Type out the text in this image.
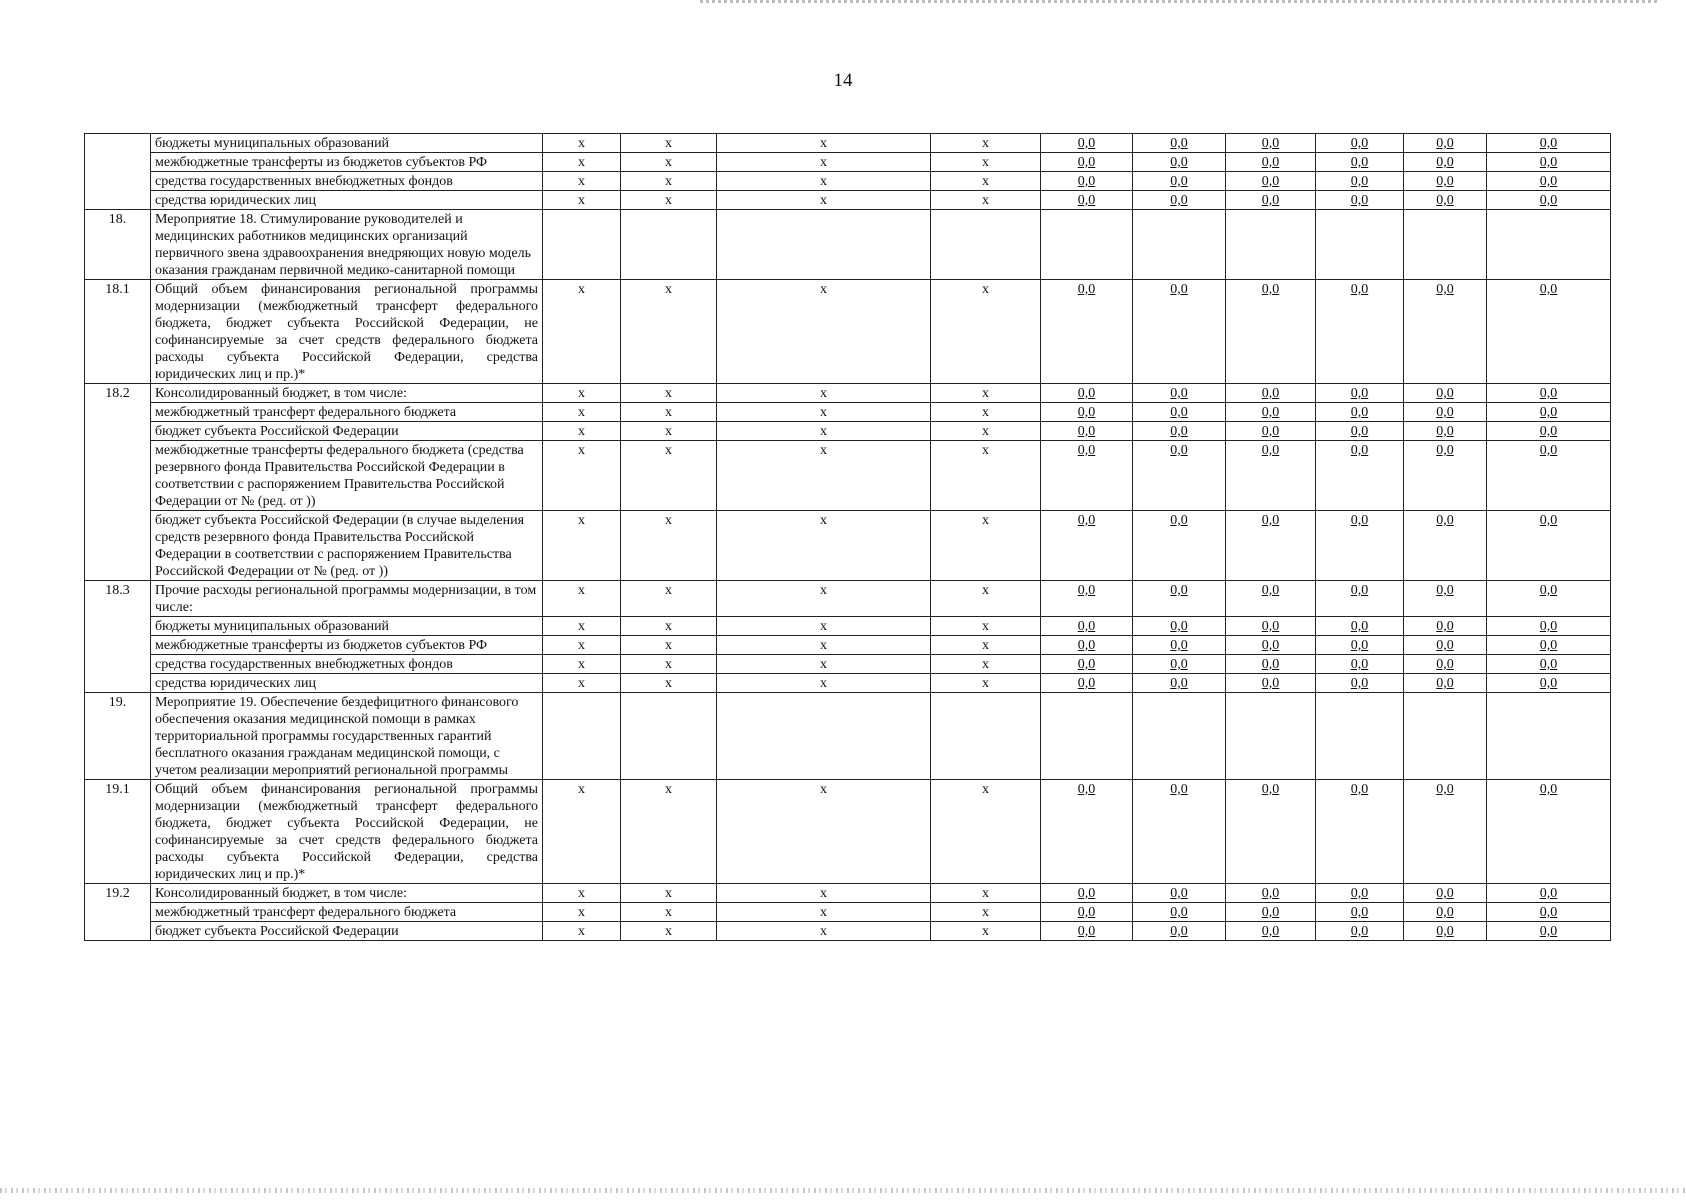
14
	бюджеты муниципальных образований	x	x	x	x	0,0	0,0	0,0	0,0	0,0	0,0
	межбюджетные трансферты из бюджетов субъектов РФ	x	x	x	x	0,0	0,0	0,0	0,0	0,0	0,0
	средства государственных внебюджетных фондов	x	x	x	x	0,0	0,0	0,0	0,0	0,0	0,0
	средства юридических лиц	x	x	x	x	0,0	0,0	0,0	0,0	0,0	0,0
18.	Мероприятие 18. Стимулирование руководителей и медицинских работников медицинских организаций первичного звена здравоохранения внедряющих новую модель оказания гражданам первичной медико-санитарной помощи										
18.1	Общий объем финансирования региональной программы модернизации (межбюджетный трансферт федерального бюджета, бюджет субъекта Российской Федерации, не софинансируемые за счет средств федерального бюджета расходы субъекта Российской Федерации, средства юридических лиц и пр.)*	x	x	x	x	0,0	0,0	0,0	0,0	0,0	0,0
18.2	Консолидированный бюджет, в том числе:	x	x	x	x	0,0	0,0	0,0	0,0	0,0	0,0
	межбюджетный трансферт федерального бюджета	x	x	x	x	0,0	0,0	0,0	0,0	0,0	0,0
	бюджет субъекта Российской Федерации	x	x	x	x	0,0	0,0	0,0	0,0	0,0	0,0
	межбюджетные трансферты федерального бюджета (средства резервного фонда Правительства Российской Федерации в соответствии с распоряжением Правительства Российской Федерации от № (ред. от ))	x	x	x	x	0,0	0,0	0,0	0,0	0,0	0,0
	бюджет субъекта Российской Федерации (в случае выделения средств резервного фонда Правительства Российской Федерации в соответствии с распоряжением Правительства Российской Федерации от № (ред. от ))	x	x	x	x	0,0	0,0	0,0	0,0	0,0	0,0
18.3	Прочие расходы региональной программы модернизации, в том числе:	x	x	x	x	0,0	0,0	0,0	0,0	0,0	0,0
	бюджеты муниципальных образований	x	x	x	x	0,0	0,0	0,0	0,0	0,0	0,0
	межбюджетные трансферты из бюджетов субъектов РФ	x	x	x	x	0,0	0,0	0,0	0,0	0,0	0,0
	средства государственных внебюджетных фондов	x	x	x	x	0,0	0,0	0,0	0,0	0,0	0,0
	средства юридических лиц	x	x	x	x	0,0	0,0	0,0	0,0	0,0	0,0
19.	Мероприятие 19. Обеспечение бездефицитного финансового обеспечения оказания медицинской помощи в рамках территориальной программы государственных гарантий бесплатного оказания гражданам медицинской помощи, с учетом реализации мероприятий региональной программы										
19.1	Общий объем финансирования региональной программы модернизации (межбюджетный трансферт федерального бюджета, бюджет субъекта Российской Федерации, не софинансируемые за счет средств федерального бюджета расходы субъекта Российской Федерации, средства юридических лиц и пр.)*	x	x	x	x	0,0	0,0	0,0	0,0	0,0	0,0
19.2	Консолидированный бюджет, в том числе:	x	x	x	x	0,0	0,0	0,0	0,0	0,0	0,0
	межбюджетный трансферт федерального бюджета	x	x	x	x	0,0	0,0	0,0	0,0	0,0	0,0
	бюджет субъекта Российской Федерации	x	x	x	x	0,0	0,0	0,0	0,0	0,0	0,0
